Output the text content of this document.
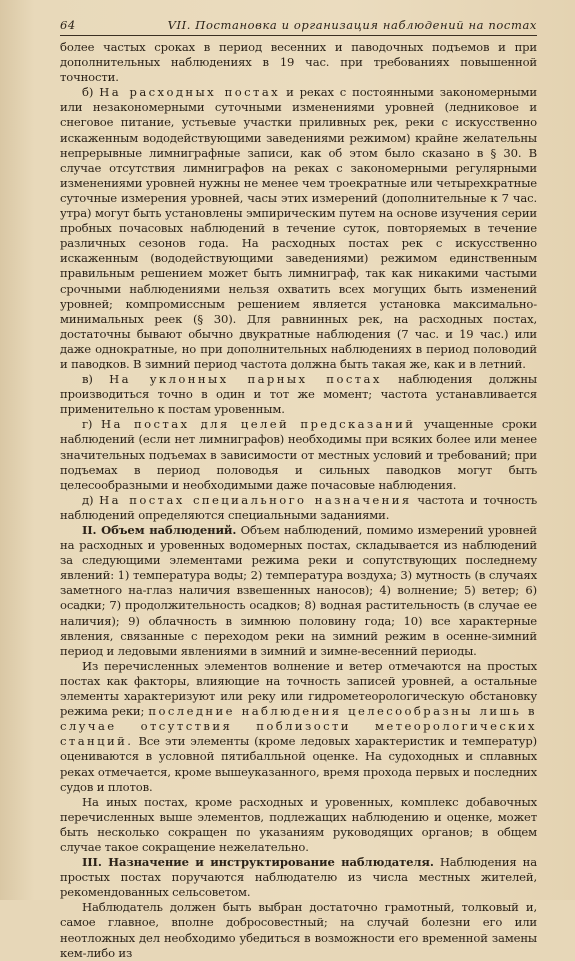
64	VII. Постановка и организация наблюдений на постах

более частых сроках в период весенних и паводочных подъемов и при дополнительных наблюдениях в 19 час. при требованиях повышенной точности.

б) На расходных постах и реках с постоянными закономерными или незакономерными суточными изменениями уровней (ледниковое и снеговое питание, устьевые участки приливных рек, реки с искусственно искаженным вододействующими заведениями режимом) крайне желательны непрерывные лимниграфные записи, как об этом было сказано в § 30. В случае отсутствия лимниграфов на реках с закономерными регулярными изменениями уровней нужны не менее чем троекратные или четырехкратные суточные измерения уровней, часы этих измерений (дополнительные к 7 час. утра) могут быть установлены эмпирическим путем на основе изучения серии пробных почасовых наблюдений в течение суток, повторяемых в течение различных сезонов года. На расходных постах рек с искусственно искаженным (вододействующими заведениями) режимом единственным правильным решением может быть лимниграф, так как никакими частыми срочными наблюдениями нельзя охватить всех могущих быть изменений уровней; компромиссным решением является установка максимально-минимальных реек (§ 30). Для равнинных рек, на расходных постах, достаточны бывают обычно двукратные наблюдения (7 час. и 19 час.) или даже однократные, но при дополнительных наблюдениях в период половодий и паводков. В зимний период частота должна быть такая же, как и в летний.

в) На уклонных парных постах наблюдения должны производиться точно в один и тот же момент; частота устанавливается применительно к постам уровенным.

г) На постах для целей предсказаний учащенные сроки наблюдений (если нет лимниграфов) необходимы при всяких более или менее значительных подъемах в зависимости от местных условий и требований; при подъемах в период половодья и сильных паводков могут быть целесообразными и необходимыми даже почасовые наблюдения.

д) На постах специального назначения частота и точность наблюдений определяются специальными заданиями.

II. Объем наблюдений. Объем наблюдений, помимо измерений уровней на расходных и уровенных водомерных постах, складывается из наблюдений за следующими элементами режима реки и сопутствующих последнему явлений: 1) температура воды; 2) температура воздуха; 3) мутность (в случаях заметного на-глаз наличия взвешенных наносов); 4) волнение; 5) ветер; 6) осадки; 7) продолжительность осадков; 8) водная растительность (в случае ее наличия); 9) облачность в зимнюю половину года; 10) все характерные явления, связанные с переходом реки на зимний режим в осенне-зимний период и ледовыми явлениями в зимний и зимне-весенний периоды.

Из перечисленных элементов волнение и ветер отмечаются на простых постах как факторы, влияющие на точность записей уровней, а остальные элементы характеризуют или реку или гидрометеорологическую обстановку режима реки; последние наблюдения целесообразны лишь в случае отсутствия поблизости метеорологических станций. Все эти элементы (кроме ледовых характеристик и температур) оцениваются в условной пятибалльной оценке. На судоходных и сплавных реках отмечается, кроме вышеуказанного, время прохода первых и последних судов и плотов.

На иных постах, кроме расходных и уровенных, комплекс добавочных перечисленных выше элементов, подлежащих наблюдению и оценке, может быть несколько сокращен по указаниям руководящих органов; в общем случае такое сокращение нежелательно.

III. Назначение и инструктирование наблюдателя. Наблюдения на простых постах поручаются наблюдателю из числа местных жителей, рекомендованных сельсоветом.

Наблюдатель должен быть выбран достаточно грамотный, толковый и, самое главное, вполне добросовестный; на случай болезни его или неотложных дел необходимо убедиться в возможности его временной замены кем-либо из
